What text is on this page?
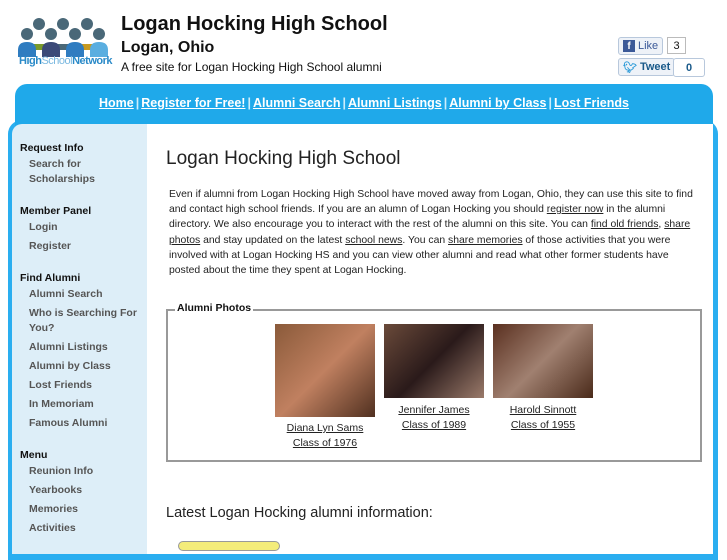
HighSchoolNetwork
Logan Hocking High School
Logan, Ohio
A free site for Logan Hocking High School alumni
f Like	3
🐦︎ Tweet	0
Home | Register for Free! | Alumni Search | Alumni Listings | Alumni by Class | Lost Friends
Request Info
Search for Scholarships
Member Panel
Login
Register
Find Alumni
Alumni Search
Who is Searching For You?
Alumni Listings
Alumni by Class
Lost Friends
In Memoriam
Famous Alumni
Menu
Reunion Info
Yearbooks
Memories
Activities
Logan Hocking High School
Even if alumni from Logan Hocking High School have moved away from Logan, Ohio, they can use this site to find and contact high school friends. If you are an alumn of Logan Hocking you should register now in the alumni directory. We also encourage you to interact with the rest of the alumni on this site. You can find old friends, share photos and stay updated on the latest school news. You can share memories of those activities that you were involved with at Logan Hocking HS and you can view other alumni and read what other former students have posted about the time they spent at Logan Hocking.
Alumni Photos
Diana Lyn Sams
Class of 1976
Jennifer James
Class of 1989
Harold Sinnott
Class of 1955
Latest Logan Hocking alumni information:
